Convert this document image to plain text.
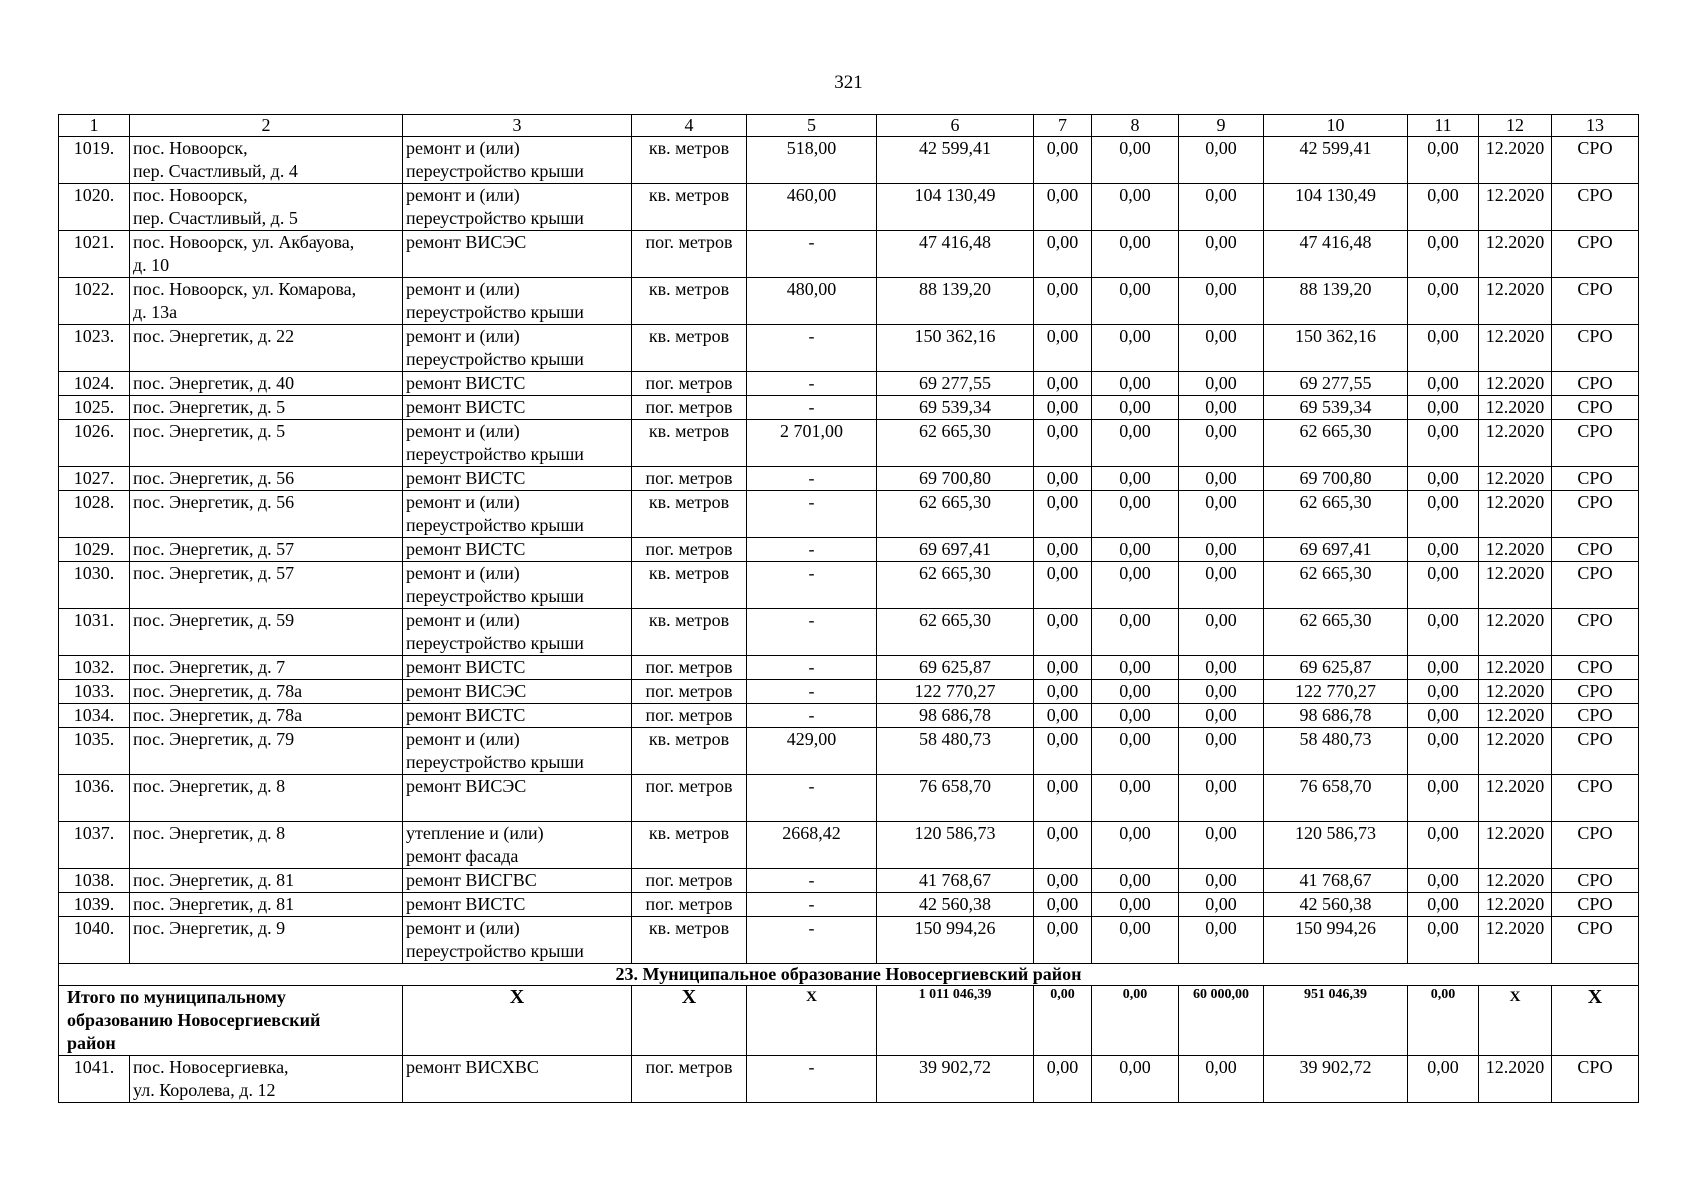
321
1	2	3	4	5	6	7	8	9	10	11	12	13
1019.	пос. Новоорск,
пер. Счастливый, д. 4	ремонт и (или)
переустройство крыши	кв. метров	518,00	42 599,41	0,00	0,00	0,00	42 599,41	0,00	12.2020	СРО
1020.	пос. Новоорск,
пер. Счастливый, д. 5	ремонт и (или)
переустройство крыши	кв. метров	460,00	104 130,49	0,00	0,00	0,00	104 130,49	0,00	12.2020	СРО
1021.	пос. Новоорск, ул. Акбауова,
д. 10	ремонт ВИСЭС	пог. метров	-	47 416,48	0,00	0,00	0,00	47 416,48	0,00	12.2020	СРО
1022.	пос. Новоорск, ул. Комарова,
д. 13а	ремонт и (или)
переустройство крыши	кв. метров	480,00	88 139,20	0,00	0,00	0,00	88 139,20	0,00	12.2020	СРО
1023.	пос. Энергетик, д. 22	ремонт и (или)
переустройство крыши	кв. метров	-	150 362,16	0,00	0,00	0,00	150 362,16	0,00	12.2020	СРО
1024.	пос. Энергетик, д. 40	ремонт ВИСТС	пог. метров	-	69 277,55	0,00	0,00	0,00	69 277,55	0,00	12.2020	СРО
1025.	пос. Энергетик, д. 5	ремонт ВИСТС	пог. метров	-	69 539,34	0,00	0,00	0,00	69 539,34	0,00	12.2020	СРО
1026.	пос. Энергетик, д. 5	ремонт и (или)
переустройство крыши	кв. метров	2 701,00	62 665,30	0,00	0,00	0,00	62 665,30	0,00	12.2020	СРО
1027.	пос. Энергетик, д. 56	ремонт ВИСТС	пог. метров	-	69 700,80	0,00	0,00	0,00	69 700,80	0,00	12.2020	СРО
1028.	пос. Энергетик, д. 56	ремонт и (или)
переустройство крыши	кв. метров	-	62 665,30	0,00	0,00	0,00	62 665,30	0,00	12.2020	СРО
1029.	пос. Энергетик, д. 57	ремонт ВИСТС	пог. метров	-	69 697,41	0,00	0,00	0,00	69 697,41	0,00	12.2020	СРО
1030.	пос. Энергетик, д. 57	ремонт и (или)
переустройство крыши	кв. метров	-	62 665,30	0,00	0,00	0,00	62 665,30	0,00	12.2020	СРО
1031.	пос. Энергетик, д. 59	ремонт и (или)
переустройство крыши	кв. метров	-	62 665,30	0,00	0,00	0,00	62 665,30	0,00	12.2020	СРО
1032.	пос. Энергетик, д. 7	ремонт ВИСТС	пог. метров	-	69 625,87	0,00	0,00	0,00	69 625,87	0,00	12.2020	СРО
1033.	пос. Энергетик, д. 78а	ремонт ВИСЭС	пог. метров	-	122 770,27	0,00	0,00	0,00	122 770,27	0,00	12.2020	СРО
1034.	пос. Энергетик, д. 78а	ремонт ВИСТС	пог. метров	-	98 686,78	0,00	0,00	0,00	98 686,78	0,00	12.2020	СРО
1035.	пос. Энергетик, д. 79	ремонт и (или)
переустройство крыши	кв. метров	429,00	58 480,73	0,00	0,00	0,00	58 480,73	0,00	12.2020	СРО
1036.	пос. Энергетик, д. 8	ремонт ВИСЭС	пог. метров	-	76 658,70	0,00	0,00	0,00	76 658,70	0,00	12.2020	СРО
1037.	пос. Энергетик, д. 8	утепление и (или)
ремонт фасада	кв. метров	2668,42	120 586,73	0,00	0,00	0,00	120 586,73	0,00	12.2020	СРО
1038.	пос. Энергетик, д. 81	ремонт ВИСГВС	пог. метров	-	41 768,67	0,00	0,00	0,00	41 768,67	0,00	12.2020	СРО
1039.	пос. Энергетик, д. 81	ремонт ВИСТС	пог. метров	-	42 560,38	0,00	0,00	0,00	42 560,38	0,00	12.2020	СРО
1040.	пос. Энергетик, д. 9	ремонт и (или)
переустройство крыши	кв. метров	-	150 994,26	0,00	0,00	0,00	150 994,26	0,00	12.2020	СРО
23. Муниципальное образование Новосергиевский район												
Итого по муниципальному
образованию Новосергиевский
район		X	X	X	1 011 046,39	0,00	0,00	60 000,00	951 046,39	0,00	X	X
1041.	пос. Новосергиевка,
ул. Королева, д. 12	ремонт ВИСХВС	пог. метров	-	39 902,72	0,00	0,00	0,00	39 902,72	0,00	12.2020	СРО
